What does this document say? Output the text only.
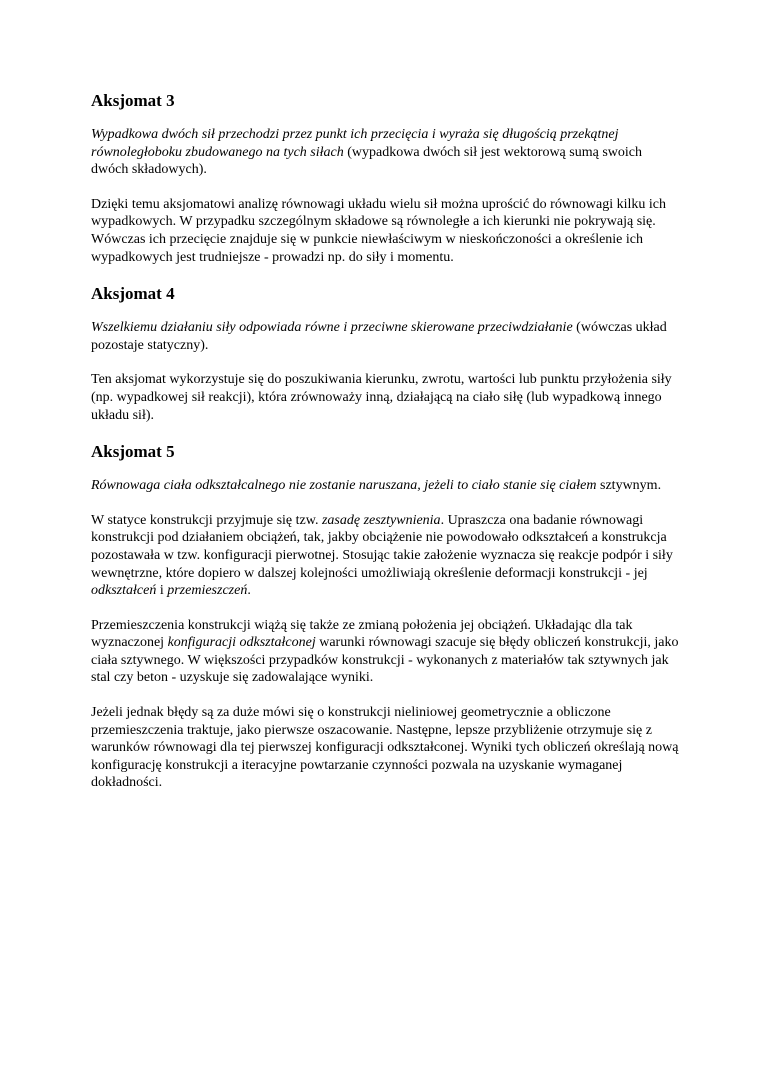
Aksjomat 3

Wypadkowa dwóch sił przechodzi przez punkt ich przecięcia i wyraża się długością przekątnej równoległoboku zbudowanego na tych siłach (wypadkowa dwóch sił jest wektorową sumą swoich dwóch składowych).

Dzięki temu aksjomatowi analizę równowagi układu wielu sił można uprościć do równowagi kilku ich wypadkowych. W przypadku szczególnym składowe są równoległe a ich kierunki nie pokrywają się. Wówczas ich przecięcie znajduje się w punkcie niewłaściwym w nieskończoności a określenie ich wypadkowych jest trudniejsze - prowadzi np. do siły i momentu.

Aksjomat 4

Wszelkiemu działaniu siły odpowiada równe i przeciwne skierowane przeciwdziałanie (wówczas układ pozostaje statyczny).

Ten aksjomat wykorzystuje się do poszukiwania kierunku, zwrotu, wartości lub punktu przyłożenia siły (np. wypadkowej sił reakcji), która zrównoważy inną, działającą na ciało siłę (lub wypadkową innego układu sił).

Aksjomat 5

Równowaga ciała odkształcalnego nie zostanie naruszana, jeżeli to ciało stanie się ciałem sztywnym.

W statyce konstrukcji przyjmuje się tzw. zasadę zesztywnienia. Upraszcza ona badanie równowagi konstrukcji pod działaniem obciążeń, tak, jakby obciążenie nie powodowało odkształceń a konstrukcja pozostawała w tzw. konfiguracji pierwotnej. Stosując takie założenie wyznacza się reakcje podpór i siły wewnętrzne, które dopiero w dalszej kolejności umożliwiają określenie deformacji konstrukcji - jej odkształceń i przemieszczeń.

Przemieszczenia konstrukcji wiążą się także ze zmianą położenia jej obciążeń. Układając dla tak wyznaczonej konfiguracji odkształconej warunki równowagi szacuje się błędy obliczeń konstrukcji, jako ciała sztywnego. W większości przypadków konstrukcji - wykonanych z materiałów tak sztywnych jak stal czy beton - uzyskuje się zadowalające wyniki.

Jeżeli jednak błędy są za duże mówi się o konstrukcji nieliniowej geometrycznie a obliczone przemieszczenia traktuje, jako pierwsze oszacowanie. Następne, lepsze przybliżenie otrzymuje się z warunków równowagi dla tej pierwszej konfiguracji odkształconej. Wyniki tych obliczeń określają nową konfigurację konstrukcji a iteracyjne powtarzanie czynności pozwala na uzyskanie wymaganej dokładności.
